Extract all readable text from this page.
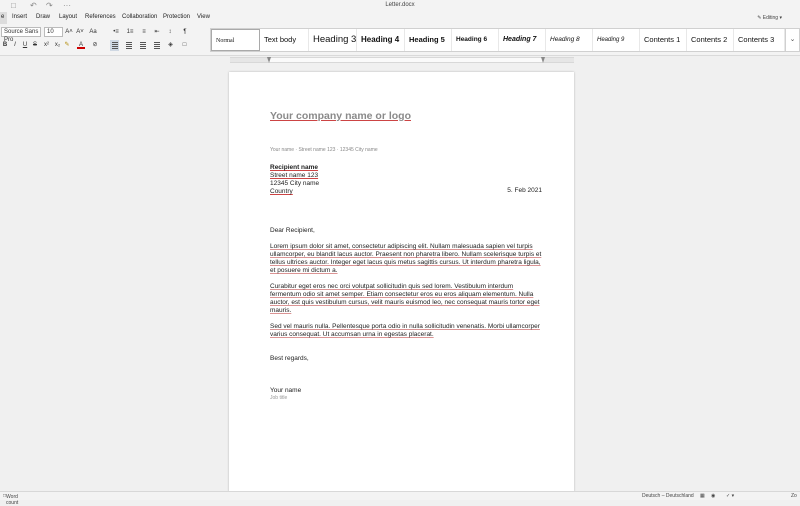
□ ↶ ↷ ···	Letter.docx
e Insert Draw Layout References Collaboration Protection View	✎ Editing ▾
Source Sans Pro
10	A˄ A˅ Aa	•≡	1≡	≡	⇤	↕	¶
B	I	U S	x² x₂ ✎	A	⊘	◈	□
Normal	Text body	Heading 3 Heading 4	Heading 5	Heading 6	Heading 7	Heading 8	Heading 9	Contents 1	Contents 2	Contents 3	⌄
Your company name or logo
Your name · Street name 123 · 12345 City name
Recipient name
Street name 123
12345 City name
Country	5. Feb 2021
Dear Recipient,
Lorem ipsum dolor sit amet, consectetur adipiscing elit. Nullam malesuada sapien vel turpis ullamcorper, eu blandit lacus auctor. Praesent non pharetra libero. Nullam scelerisque turpis et tellus ultrices auctor. Integer eget lacus quis metus sagittis cursus. Ut interdum pharetra ligula, et posuere mi dictum a.
Curabitur eget eros nec orci volutpat sollicitudin quis sed lorem. Vestibulum interdum fermentum odio sit amet semper. Etiam consectetur eros eu eros aliquam elementum. Nulla auctor, est quis vestibulum cursus, velit mauris euismod leo, nec consequat mauris tortor eget mauris.
Sed vel mauris nulla. Pellentesque porta odio in nulla sollicitudin venenatis. Morbi ullamcorper varius consequat. Ut accumsan urna in egestas placerat.
Best regards,
Your name
Job title
□ Word count
Deutsch – Deutschland ▦ ◉ ✓ ▾	Zo
